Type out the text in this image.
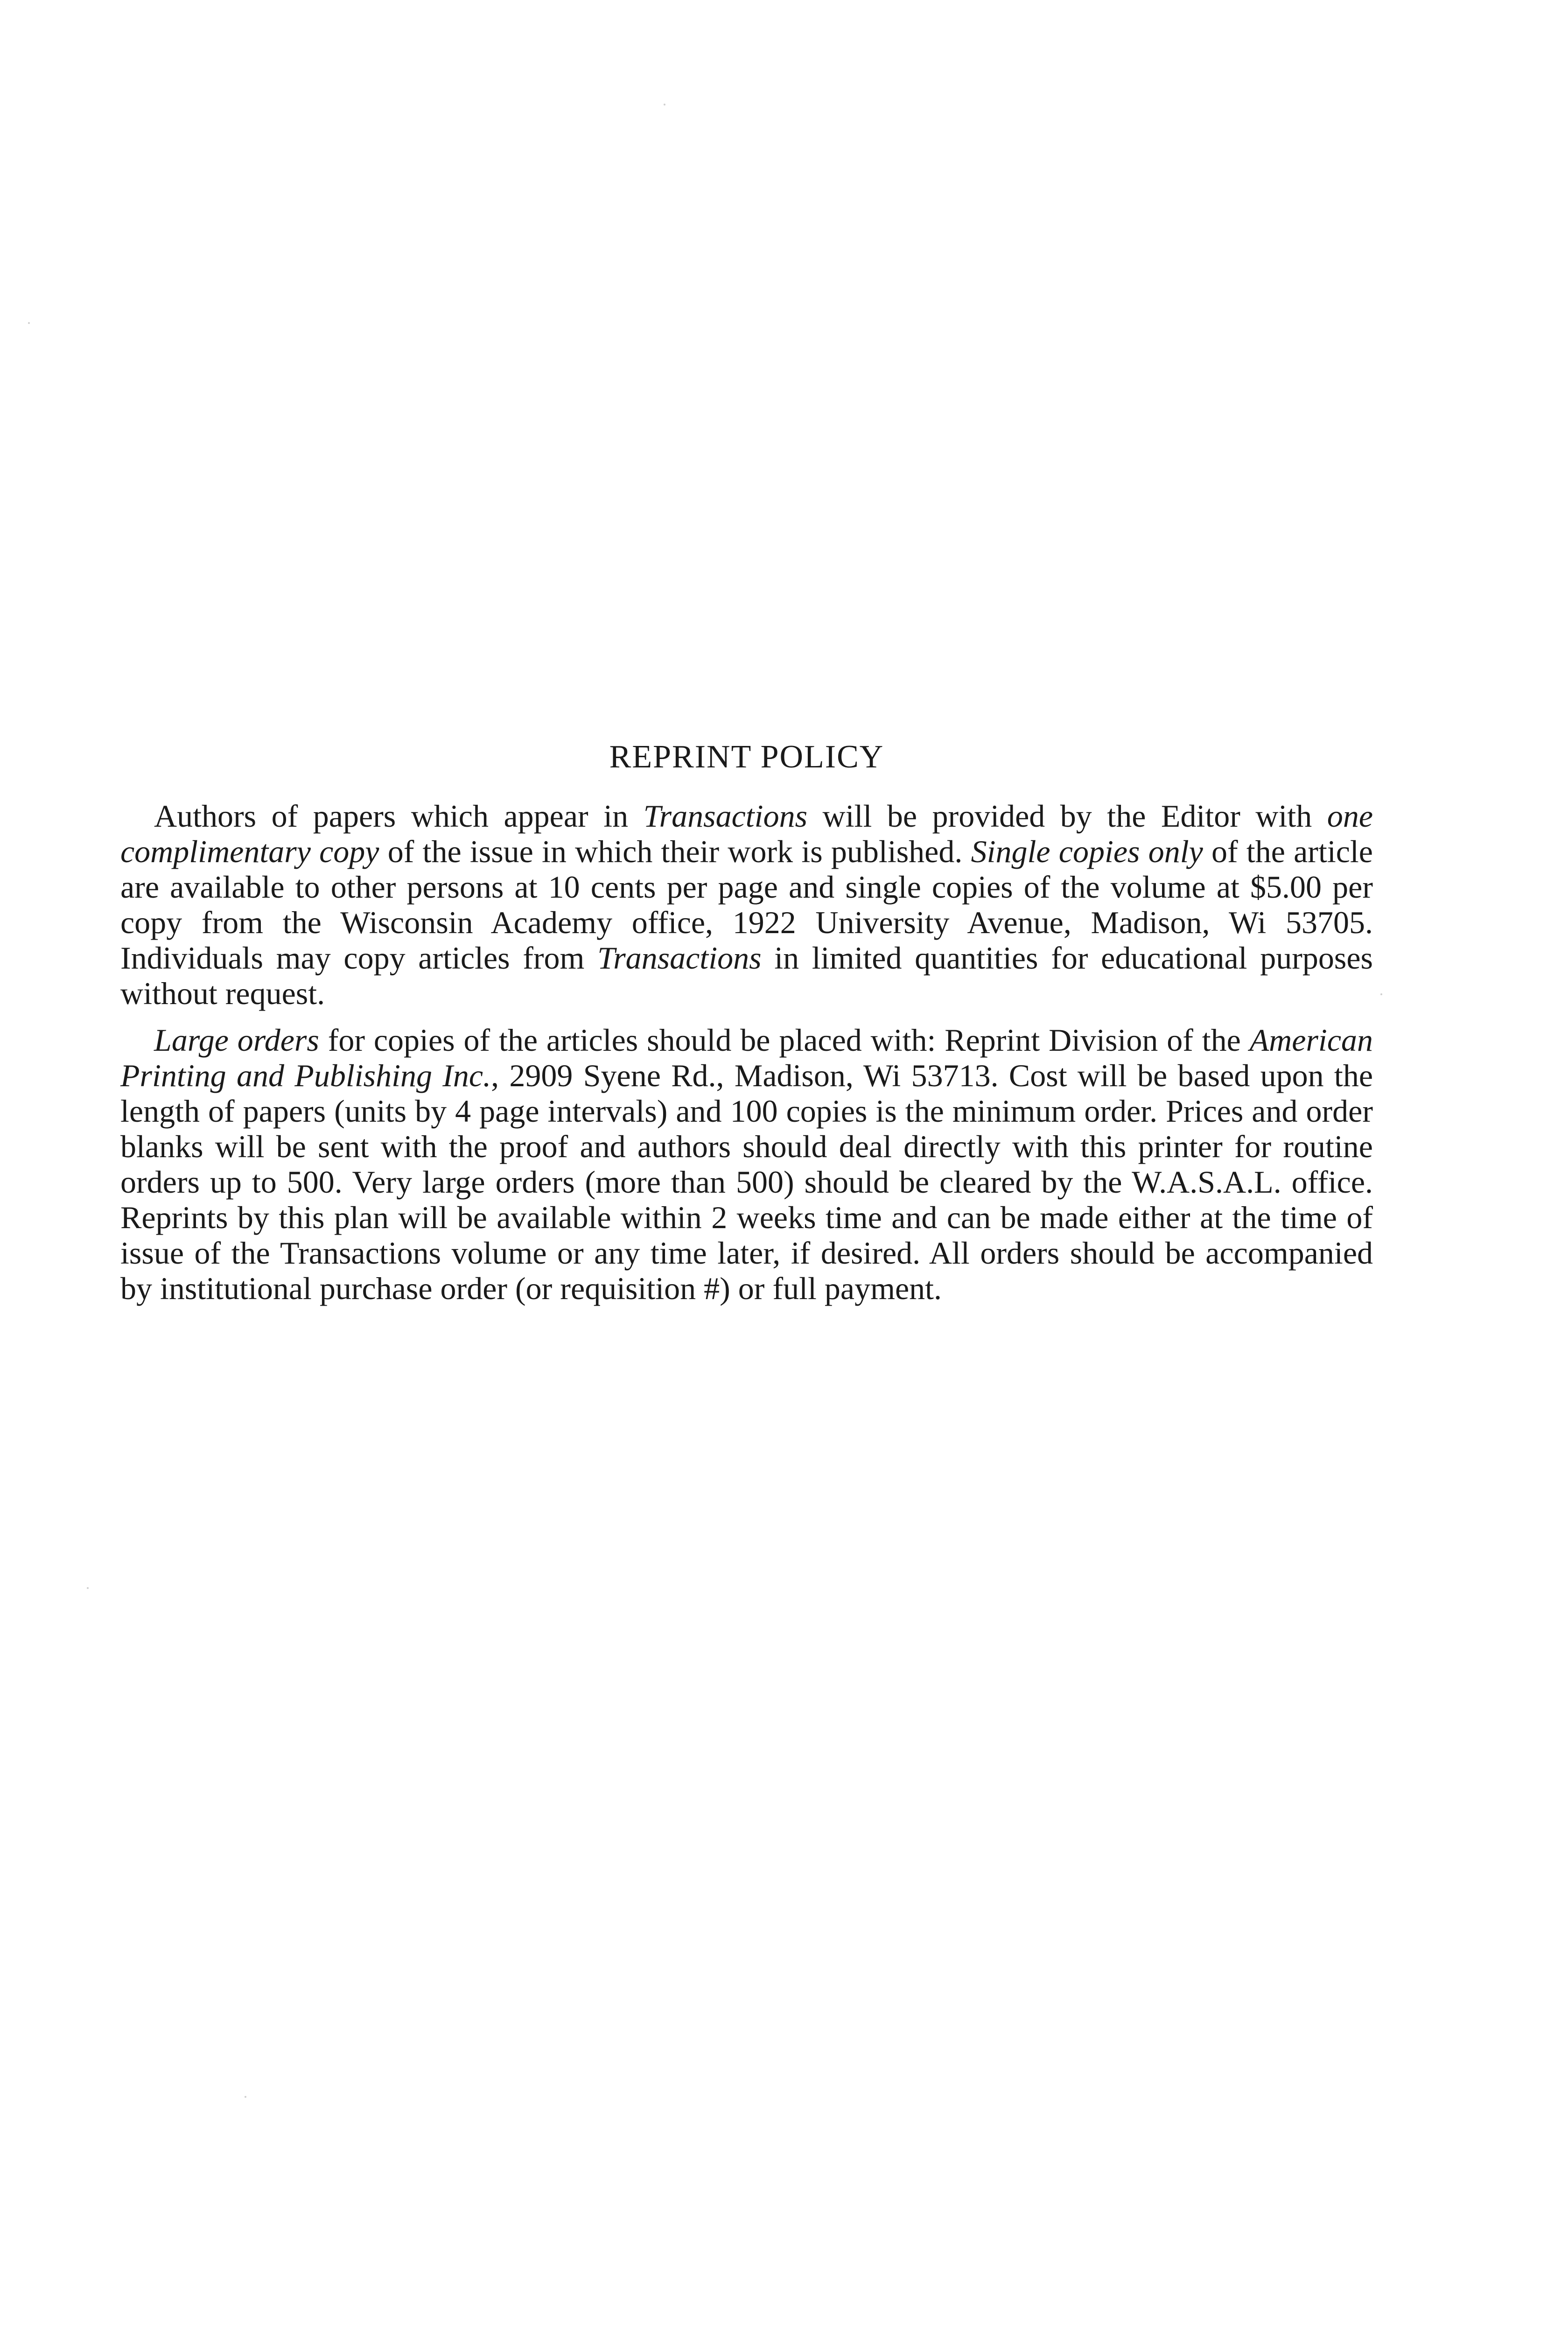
REPRINT POLICY

Authors of papers which appear in Transactions will be provided by the Editor with one complimentary copy of the issue in which their work is published. Single copies only of the article are available to other persons at 10 cents per page and single copies of the volume at $5.00 per copy from the Wisconsin Academy office, 1922 University Avenue, Madison, Wi 53705. Individuals may copy articles from Transactions in limited quantities for educational purposes without request.

Large orders for copies of the articles should be placed with: Reprint Division of the American Printing and Publishing Inc., 2909 Syene Rd., Madison, Wi 53713. Cost will be based upon the length of papers (units by 4 page intervals) and 100 copies is the minimum order. Prices and order blanks will be sent with the proof and authors should deal directly with this printer for routine orders up to 500. Very large orders (more than 500) should be cleared by the W.A.S.A.L. office. Reprints by this plan will be available within 2 weeks time and can be made either at the time of issue of the Transactions volume or any time later, if desired. All orders should be accompanied by institutional purchase order (or requisition #) or full payment.
